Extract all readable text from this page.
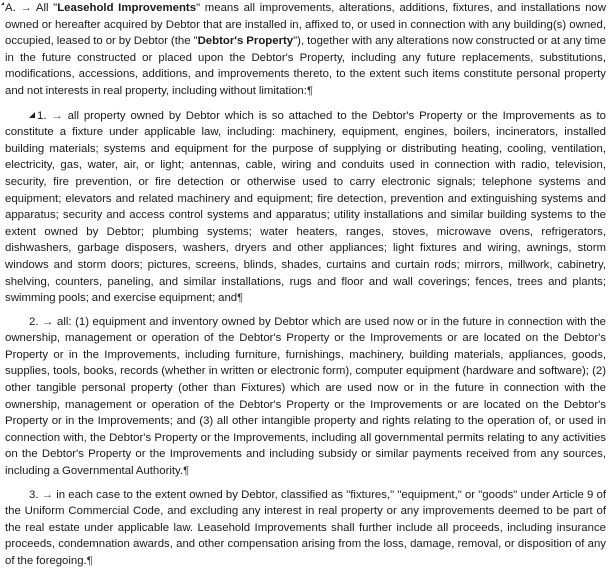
A. → All "Leasehold Improvements" means all improvements, alterations, additions, fixtures, and installations now owned or hereafter acquired by Debtor that are installed in, affixed to, or used in connection with any building(s) owned, occupied, leased to or by Debtor (the "Debtor's Property"), together with any alterations now constructed or at any time in the future constructed or placed upon the Debtor's Property, including any future replacements, substitutions, modifications, accessions, additions, and improvements thereto, to the extent such items constitute personal property and not interests in real property, including without limitation:¶

1. → all property owned by Debtor which is so attached to the Debtor's Property or the Improvements as to constitute a fixture under applicable law, including: machinery, equipment, engines, boilers, incinerators, installed building materials; systems and equipment for the purpose of supplying or distributing heating, cooling, ventilation, electricity, gas, water, air, or light; antennas, cable, wiring and conduits used in connection with radio, television, security, fire prevention, or fire detection or otherwise used to carry electronic signals; telephone systems and equipment; elevators and related machinery and equipment; fire detection, prevention and extinguishing systems and apparatus; security and access control systems and apparatus; utility installations and similar building systems to the extent owned by Debtor; plumbing systems; water heaters, ranges, stoves, microwave ovens, refrigerators, dishwashers, garbage disposers, washers, dryers and other appliances; light fixtures and wiring, awnings, storm windows and storm doors; pictures, screens, blinds, shades, curtains and curtain rods; mirrors, millwork, cabinetry, shelving, counters, paneling, and similar installations, rugs and floor and wall coverings; fences, trees and plants; swimming pools; and exercise equipment; and¶

2. → all: (1) equipment and inventory owned by Debtor which are used now or in the future in connection with the ownership, management or operation of the Debtor's Property or the Improvements or are located on the Debtor's Property or in the Improvements, including furniture, furnishings, machinery, building materials, appliances, goods, supplies, tools, books, records (whether in written or electronic form), computer equipment (hardware and software); (2) other tangible personal property (other than Fixtures) which are used now or in the future in connection with the ownership, management or operation of the Debtor's Property or the Improvements or are located on the Debtor's Property or in the Improvements; and (3) all other intangible property and rights relating to the operation of, or used in connection with, the Debtor's Property or the Improvements, including all governmental permits relating to any activities on the Debtor's Property or the Improvements and including subsidy or similar payments received from any sources, including a Governmental Authority.¶

3. → in each case to the extent owned by Debtor, classified as "fixtures," "equipment," or "goods" under Article 9 of the Uniform Commercial Code, and excluding any interest in real property or any improvements deemed to be part of the real estate under applicable law. Leasehold Improvements shall further include all proceeds, including insurance proceeds, condemnation awards, and other compensation arising from the loss, damage, removal, or disposition of any of the foregoing.¶
